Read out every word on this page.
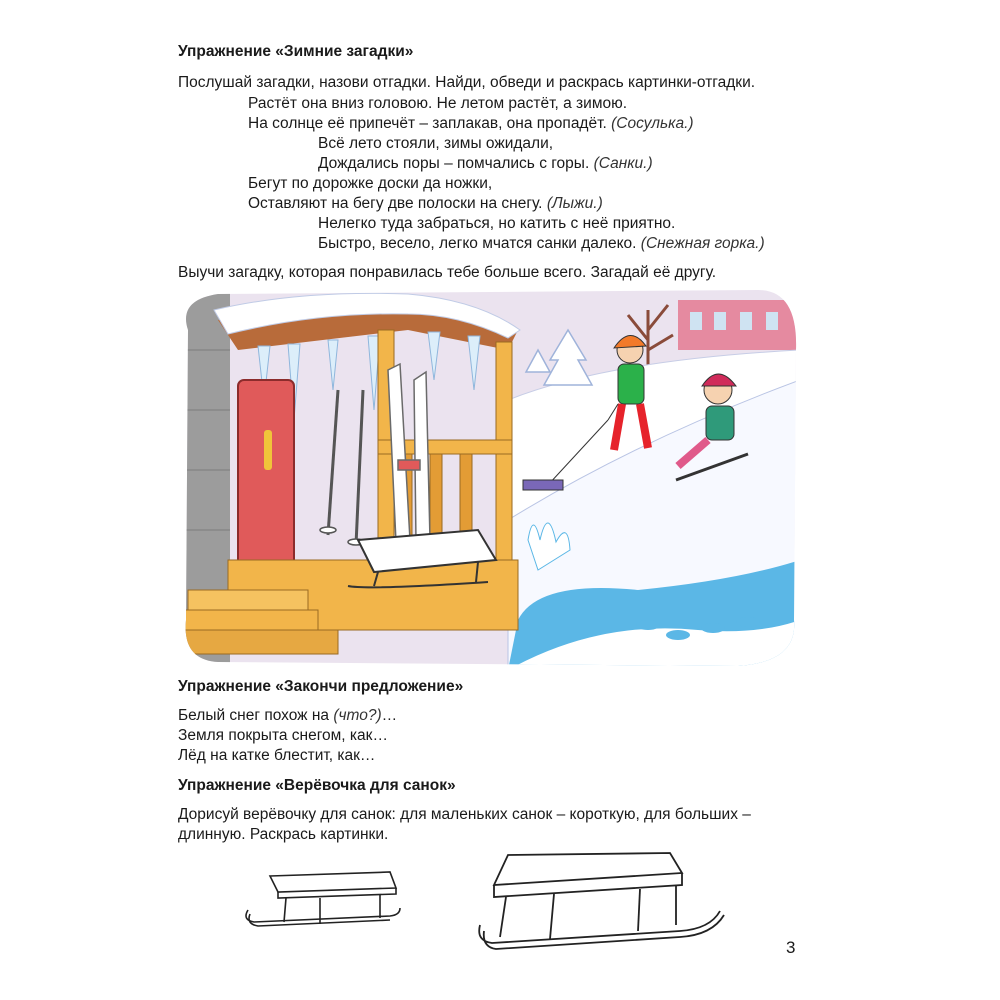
Упражнение «Зимние загадки»
Послушай загадки, назови отгадки. Найди, обведи и раскрась картинки-отгадки.
Растёт она вниз головою. Не летом растёт, а зимою.
На солнце её припечёт – заплакав, она пропадёт. (Сосулька.)
Всё лето стояли, зимы ожидали,
Дождались поры – помчались с горы. (Санки.)
Бегут по дорожке доски да ножки,
Оставляют на бегу две полоски на снегу. (Лыжи.)
Нелегко туда забраться, но катить с неё приятно.
Быстро, весело, легко мчатся санки далеко. (Снежная горка.)
Выучи загадку, которая понравилась тебе больше всего. Загадай её другу.
Упражнение «Закончи предложение»
Белый снег похож на (что?)…
Земля покрыта снегом, как…
Лёд на катке блестит, как…
Упражнение «Верёвочка для санок»
Дорисуй верёвочку для санок: для маленьких санок – короткую, для больших –
длинную. Раскрась картинки.
3
